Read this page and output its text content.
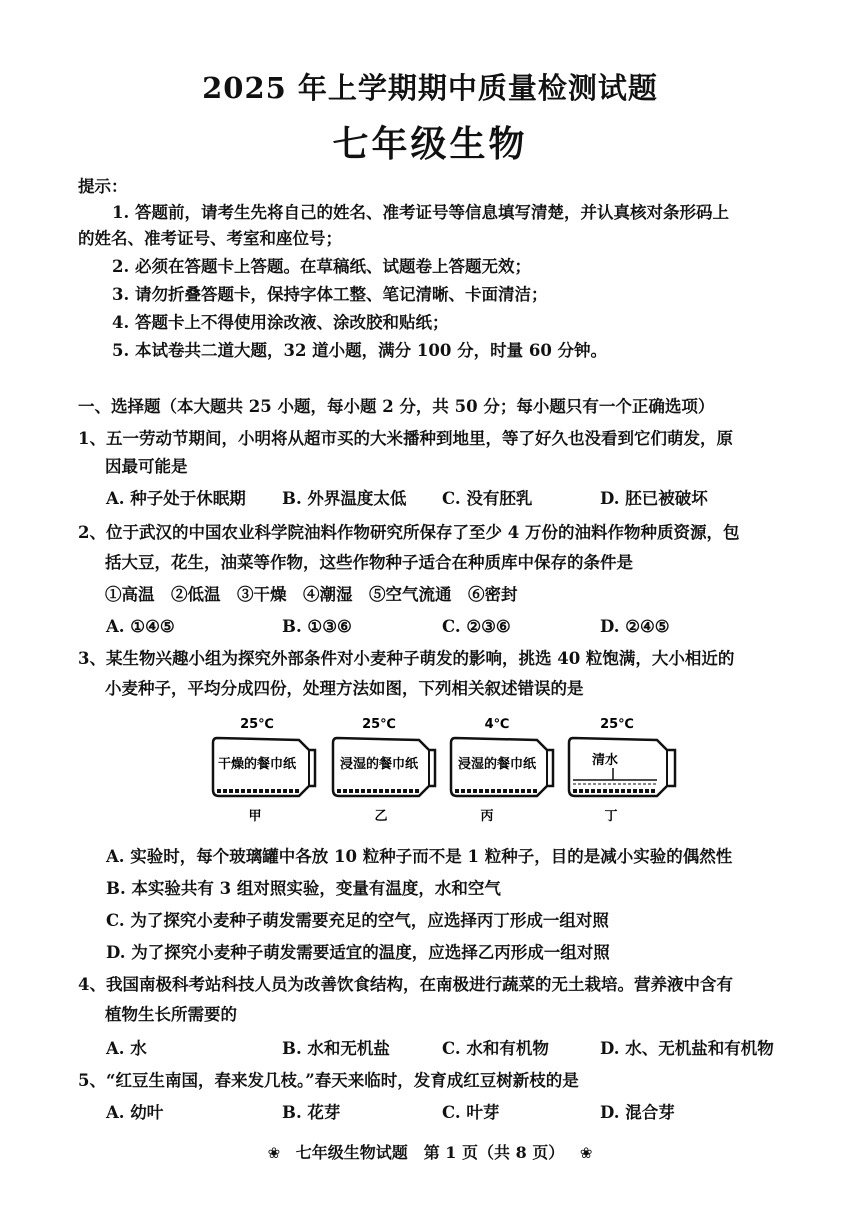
2025 年上学期期中质量检测试题
七年级生物
提示：
1. 答题前，请考生先将自己的姓名、准考证号等信息填写清楚，并认真核对条形码上
的姓名、准考证号、考室和座位号；
2. 必须在答题卡上答题。在草稿纸、试题卷上答题无效；
3. 请勿折叠答题卡，保持字体工整、笔记清晰、卡面清洁；
4. 答题卡上不得使用涂改液、涂改胶和贴纸；
5. 本试卷共二道大题，32 道小题，满分 100 分，时量 60 分钟。
一、选择题（本大题共 25 小题，每小题 2 分，共 50 分；每小题只有一个正确选项）
1、五一劳动节期间，小明将从超市买的大米播种到地里，等了好久也没看到它们萌发，原
因最可能是
A. 种子处于休眠期 B. 外界温度太低 C. 没有胚乳	D. 胚已被破坏
2、位于武汉的中国农业科学院油料作物研究所保存了至少 4 万份的油料作物种质资源，包
括大豆，花生，油菜等作物，这些作物种子适合在种质库中保存的条件是
①高温　②低温　③干燥　④潮湿　⑤空气流通　⑥密封
A. ①④⑤	B. ①③⑥	C. ②③⑥	D. ②④⑤
3、某生物兴趣小组为探究外部条件对小麦种子萌发的影响，挑选 40 粒饱满，大小相近的
小麦种子，平均分成四份，处理方法如图，下列相关叙述错误的是
25℃
干燥的餐巾纸
甲
25℃
浸湿的餐巾纸
乙
4℃
浸湿的餐巾纸
丙
25℃
清水
丁
A. 实验时，每个玻璃罐中各放 10 粒种子而不是 1 粒种子，目的是减小实验的偶然性
B. 本实验共有 3 组对照实验，变量有温度，水和空气
C. 为了探究小麦种子萌发需要充足的空气，应选择丙丁形成一组对照
D. 为了探究小麦种子萌发需要适宜的温度，应选择乙丙形成一组对照
4、我国南极科考站科技人员为改善饮食结构，在南极进行蔬菜的无土栽培。营养液中含有
植物生长所需要的
A. 水	B. 水和无机盐	C. 水和有机物	D. 水、无机盐和有机物
5、“红豆生南国，春来发几枝。”春天来临时，发育成红豆树新枝的是
A. 幼叶	B. 花芽	C. 叶芽	D. 混合芽
❀ 七年级生物试题　第 1 页（共 8 页） ❀
